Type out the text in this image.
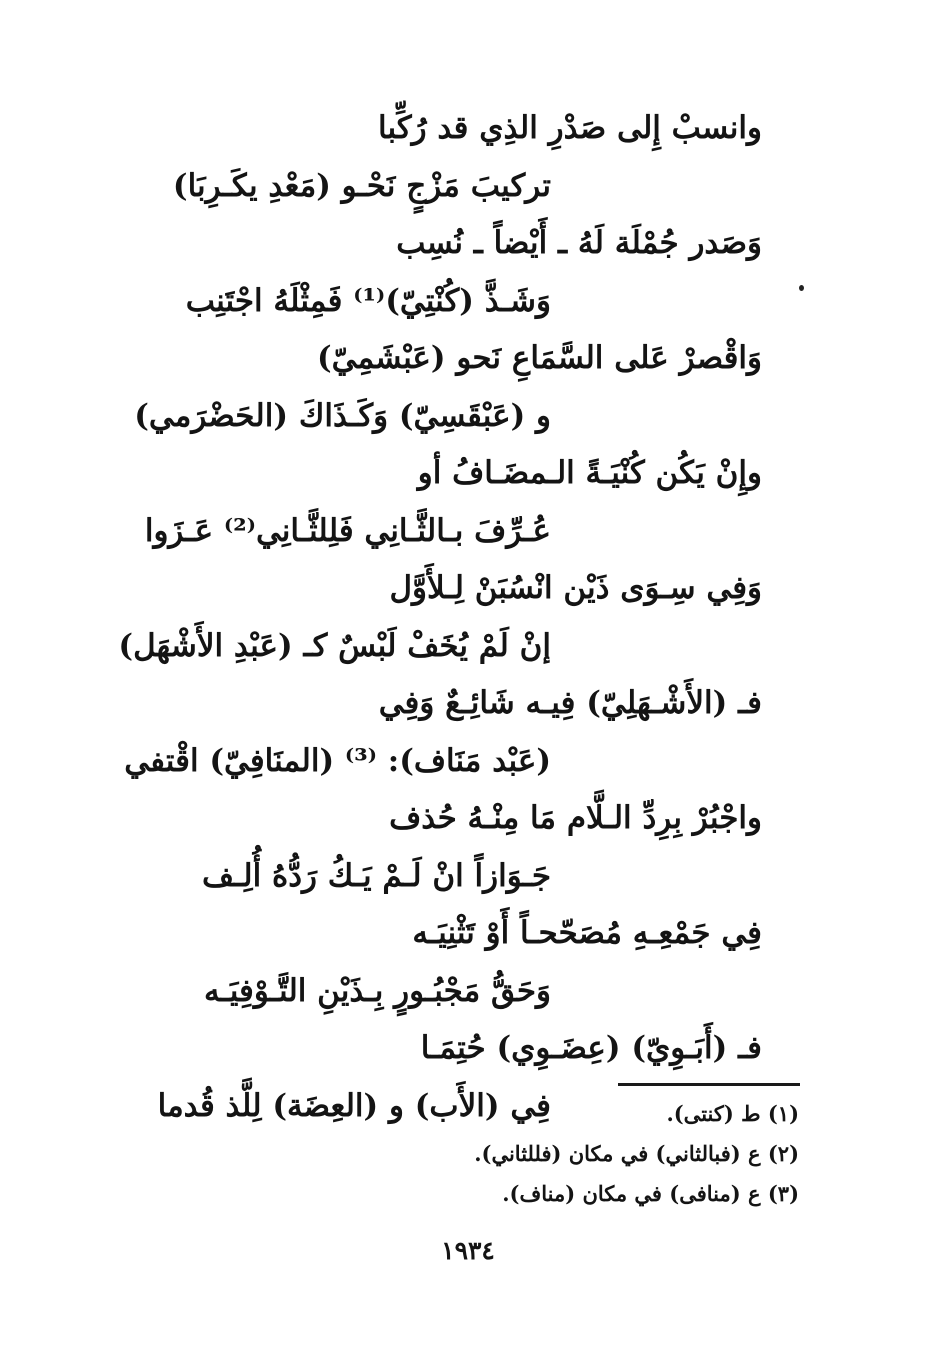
وانسبْ إِلى صَدْرِ الذِي قد رُكِّبا
تركيبَ مَزْجٍ نَحْـو (مَعْدِ يكَـرِبَا)
وَصَدر جُمْلَة لَهُ ـ أَيْضاً ـ نُسِب
وَشَـذَّ (كُنْتِيّ)⁽¹⁾ فَمِثْلَهُ اجْتَنِب
وَاقْصرْ عَلى السَّمَاعِ نَحو (عَبْشَمِيّ)
و (عَبْقَسِيّ) وَكَـذَاكَ (الحَضْرَمي)
وإِنْ يَكُن كُنْيَـةً الـمضَـافُ أو
عُـرِّفَ بـالثَّـانِي فَلِلثَّـانِي⁽²⁾ عَـزَوا
وَفِي سِـوَى ذَيْن انْسُبَنْ لِـلأَوَّل
إنْ لَمْ يُخَفْ لَبْسٌ كـ (عَبْدِ الأَشْهَل)
فـ (الأَشْـهَلِيّ) فِيـه شَائِـعٌ وَفِي
(عَبْد مَنَاف): ⁽³⁾ (المنَافِيّ) اقْتفي
واجْبُرْ بِرِدِّ الـلَّام مَا مِنْـهُ حُذف
جَـوَازاً انْ لَـمْ يَـكُ رَدُّهُ أُلِـف
فِي جَمْعِـهِ مُصَحّحـاً أَوْ تَثْنِيَـه
وَحَقُّ مَجْبُـورٍ بِـذَيْنِ التَّـوْفِيَـه
فـ (أَبَـوِيّ) (عِضَـوِي) حُتِمَـا
فِي (الأَب) و (العِضَة) لِلَّذ قُدما	(١) ط (كنتى).
(٢) ع (فبالثاني) في مكان (فللثاني).
(٣) ع (منافى) في مكان (مناف).
١٩٣٤
